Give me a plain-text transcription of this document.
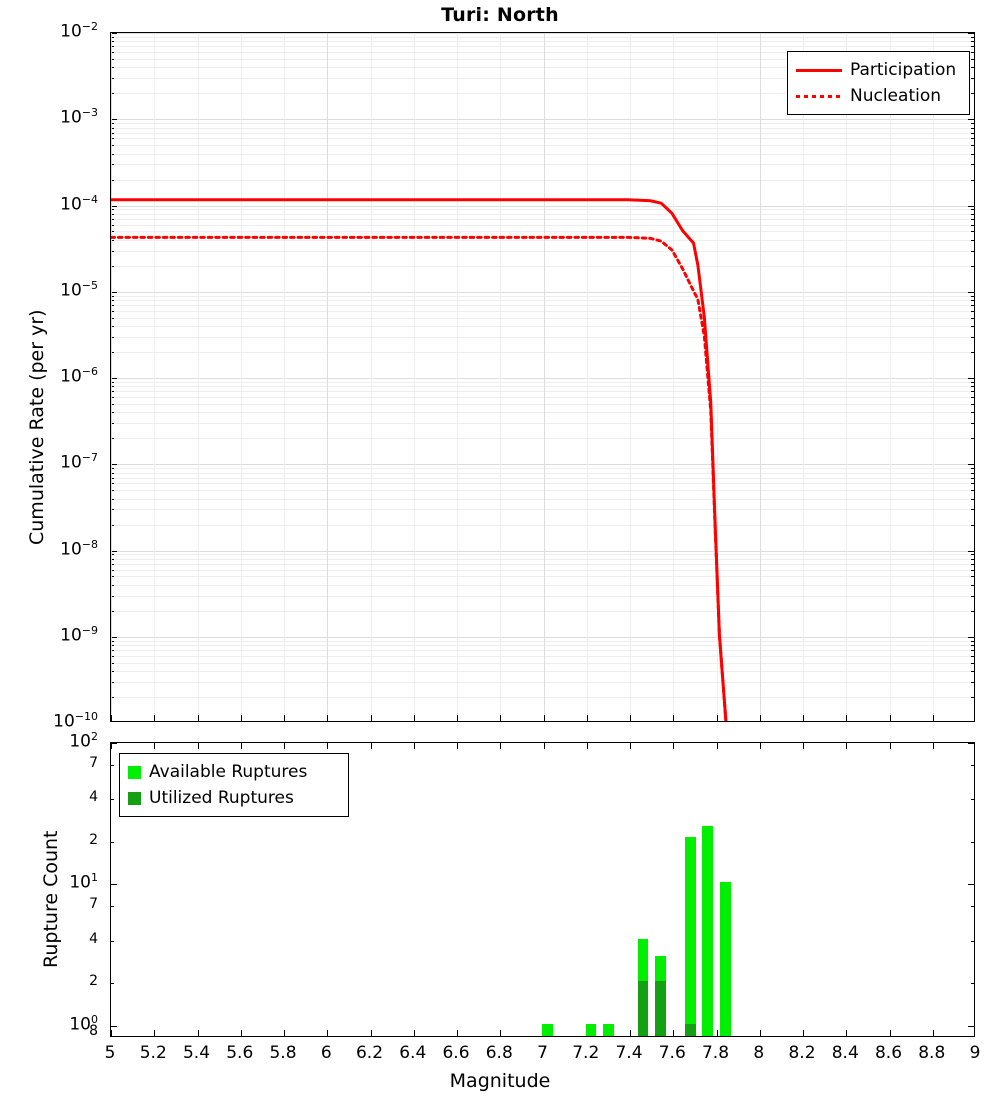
Turi: North
Participation
Nucleation
Available Ruptures
Utilized Ruptures
Cumulative Rate (per yr)
Rupture Count
Magnitude
$10^{-2}$
$10^{-3}$
$10^{-4}$
$10^{-5}$
$10^{-6}$
$10^{-7}$
$10^{-8}$
$10^{-9}$
$10^{-10}$
5	5.2 5.4 5.6 5.8	6	6.2 6.4 6.6 6.8	7	7.2 7.4 7.6 7.8	8	8.2 8.4 8.6 8.8	9
$10^0$
2
4
7
$10^1$
2
4
7
$10^2$
8
